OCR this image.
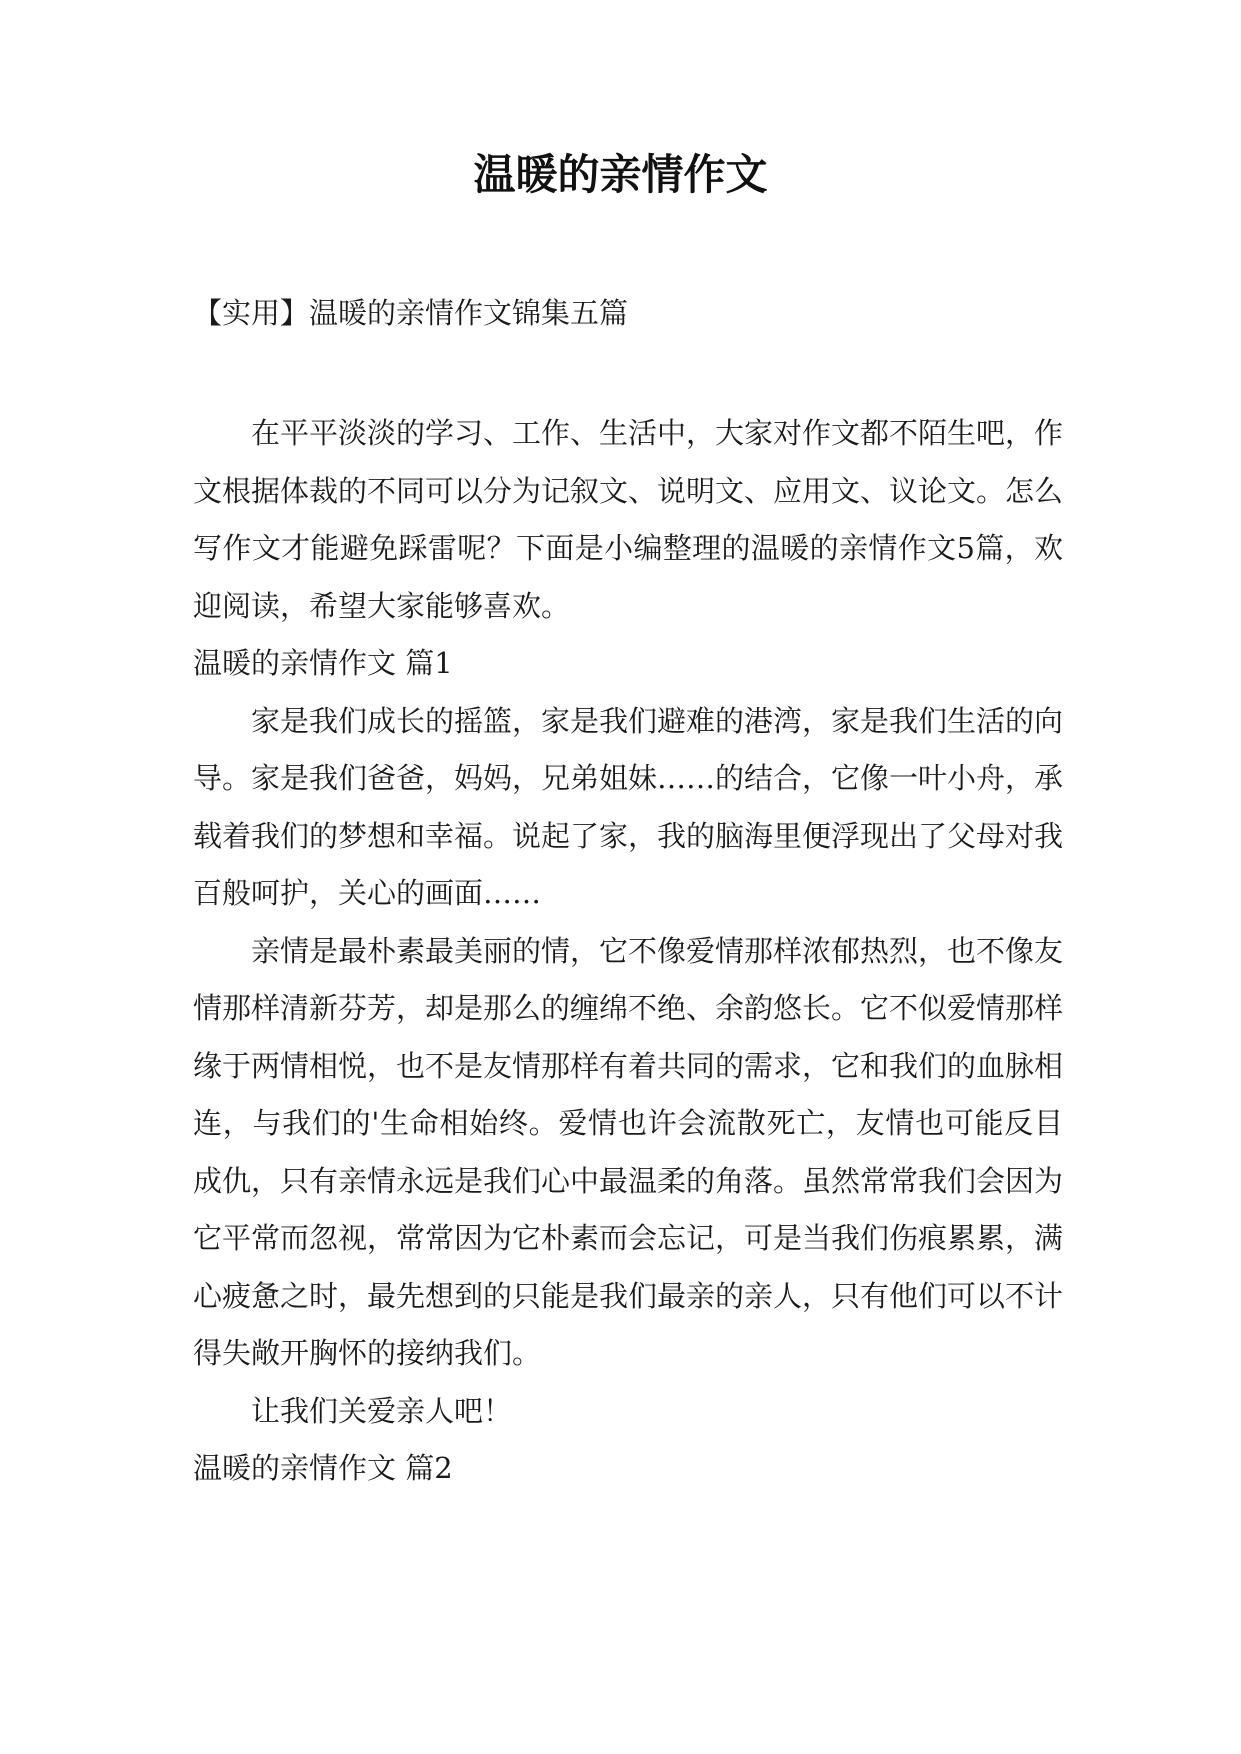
温暖的亲情作文

【实用】温暖的亲情作文锦集五篇

在平平淡淡的学习、工作、生活中，大家对作文都不陌生吧，作文根据体裁的不同可以分为记叙文、说明文、应用文、议论文。怎么写作文才能避免踩雷呢？下面是小编整理的温暖的亲情作文5篇，欢迎阅读，希望大家能够喜欢。

温暖的亲情作文 篇1

家是我们成长的摇篮，家是我们避难的港湾，家是我们生活的向导。家是我们爸爸，妈妈，兄弟姐妹……的结合，它像一叶小舟，承载着我们的梦想和幸福。说起了家，我的脑海里便浮现出了父母对我百般呵护，关心的画面……

亲情是最朴素最美丽的情，它不像爱情那样浓郁热烈，也不像友情那样清新芬芳，却是那么的缠绵不绝、余韵悠长。它不似爱情那样缘于两情相悦，也不是友情那样有着共同的需求，它和我们的血脉相连，与我们的'生命相始终。爱情也许会流散死亡，友情也可能反目成仇，只有亲情永远是我们心中最温柔的角落。虽然常常我们会因为它平常而忽视，常常因为它朴素而会忘记，可是当我们伤痕累累，满心疲惫之时，最先想到的只能是我们最亲的亲人，只有他们可以不计得失敞开胸怀的接纳我们。

让我们关爱亲人吧！

温暖的亲情作文 篇2
